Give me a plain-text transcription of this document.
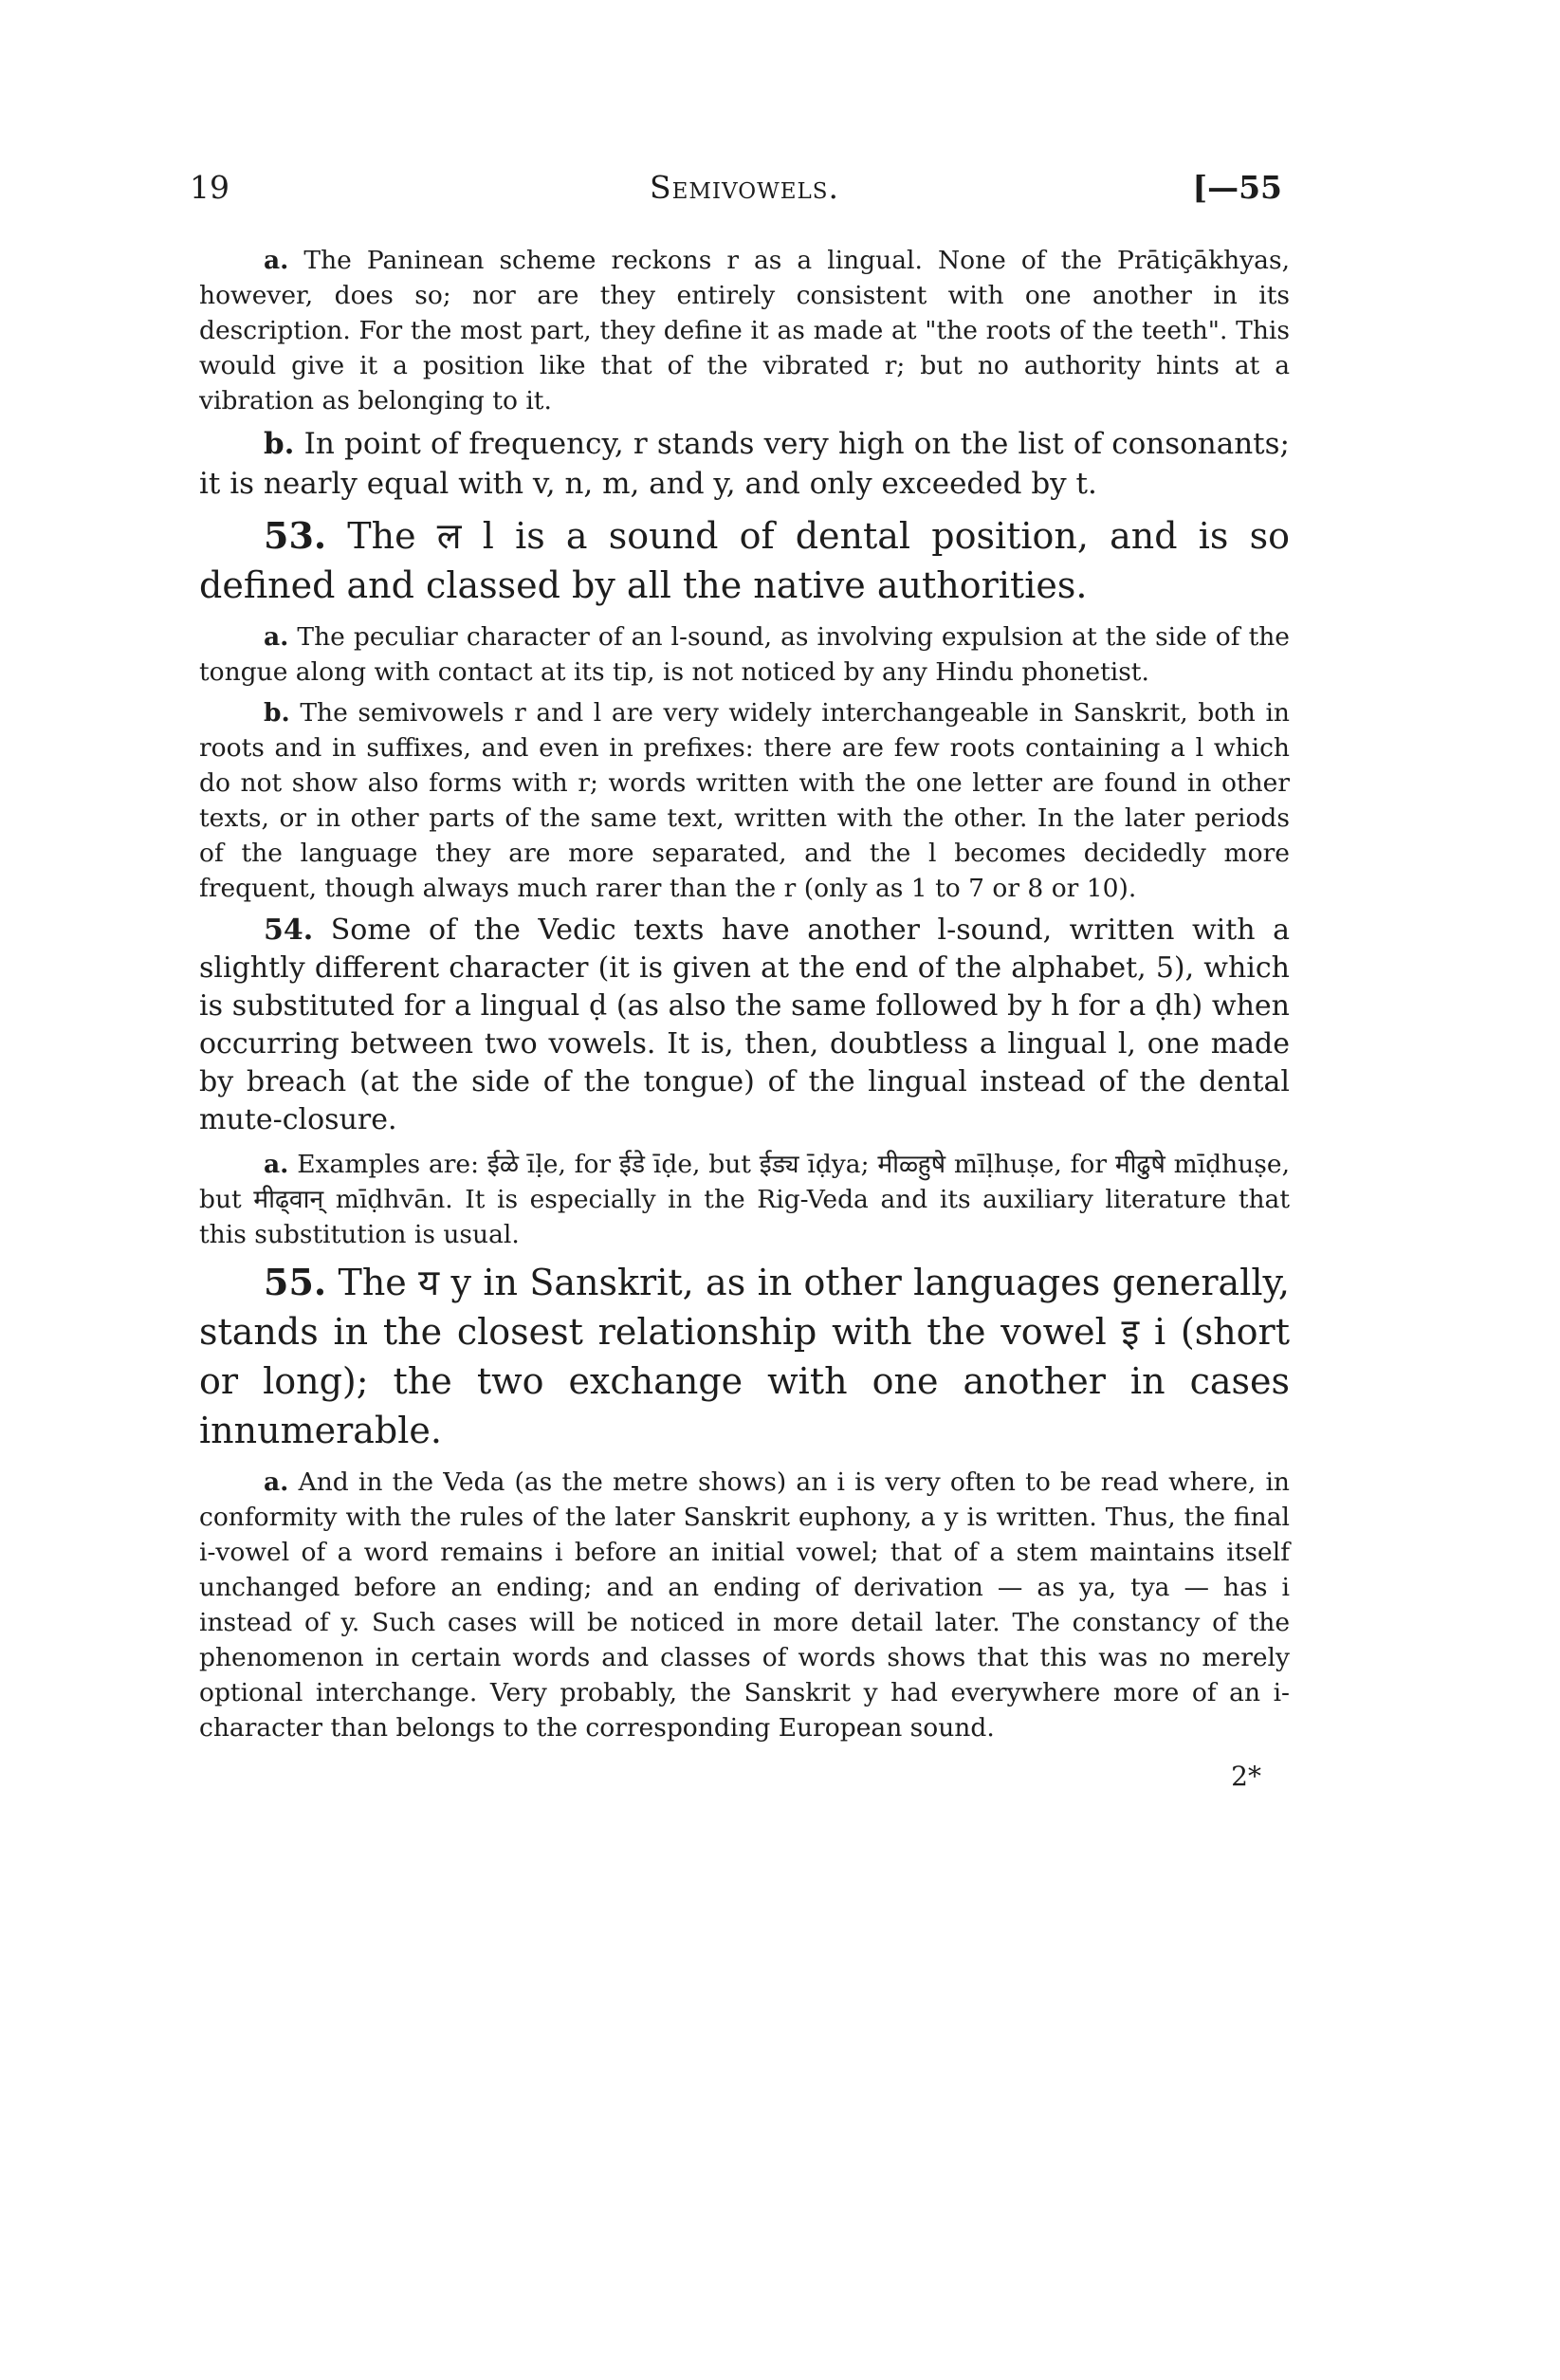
19	Semivowels.	[—55

a. The Paninean scheme reckons r as a lingual. None of the Prātiçākhyas, however, does so; nor are they entirely consistent with one another in its description. For the most part, they define it as made at "the roots of the teeth". This would give it a position like that of the vibrated r; but no authority hints at a vibration as belonging to it.

b. In point of frequency, r stands very high on the list of consonants; it is nearly equal with v, n, m, and y, and only exceeded by t.

53. The ल l is a sound of dental position, and is so defined and classed by all the native authorities.

a. The peculiar character of an l-sound, as involving expulsion at the side of the tongue along with contact at its tip, is not noticed by any Hindu phonetist.

b. The semivowels r and l are very widely interchangeable in Sanskrit, both in roots and in suffixes, and even in prefixes: there are few roots containing a l which do not show also forms with r; words written with the one letter are found in other texts, or in other parts of the same text, written with the other. In the later periods of the language they are more separated, and the l becomes decidedly more frequent, though always much rarer than the r (only as 1 to 7 or 8 or 10).

54. Some of the Vedic texts have another l-sound, written with a slightly different character (it is given at the end of the alphabet, 5), which is substituted for a lingual ḍ (as also the same followed by h for a ḍh) when occurring between two vowels. It is, then, doubtless a lingual l, one made by breach (at the side of the tongue) of the lingual instead of the dental mute-closure.

a. Examples are: ईळे īḷe, for ईडे īḍe, but ईड्य īḍya; मीळ्हुषे mīḷhuṣe, for मीढुषे mīḍhuṣe, but मीढ्वान् mīḍhvān. It is especially in the Rig-Veda and its auxiliary literature that this substitution is usual.

55. The य y in Sanskrit, as in other languages generally, stands in the closest relationship with the vowel इ i (short or long); the two exchange with one another in cases innumerable.

a. And in the Veda (as the metre shows) an i is very often to be read where, in conformity with the rules of the later Sanskrit euphony, a y is written. Thus, the final i-vowel of a word remains i before an initial vowel; that of a stem maintains itself unchanged before an ending; and an ending of derivation — as ya, tya — has i instead of y. Such cases will be noticed in more detail later. The constancy of the phenomenon in certain words and classes of words shows that this was no merely optional interchange. Very probably, the Sanskrit y had everywhere more of an i-character than belongs to the corresponding European sound.

2*
